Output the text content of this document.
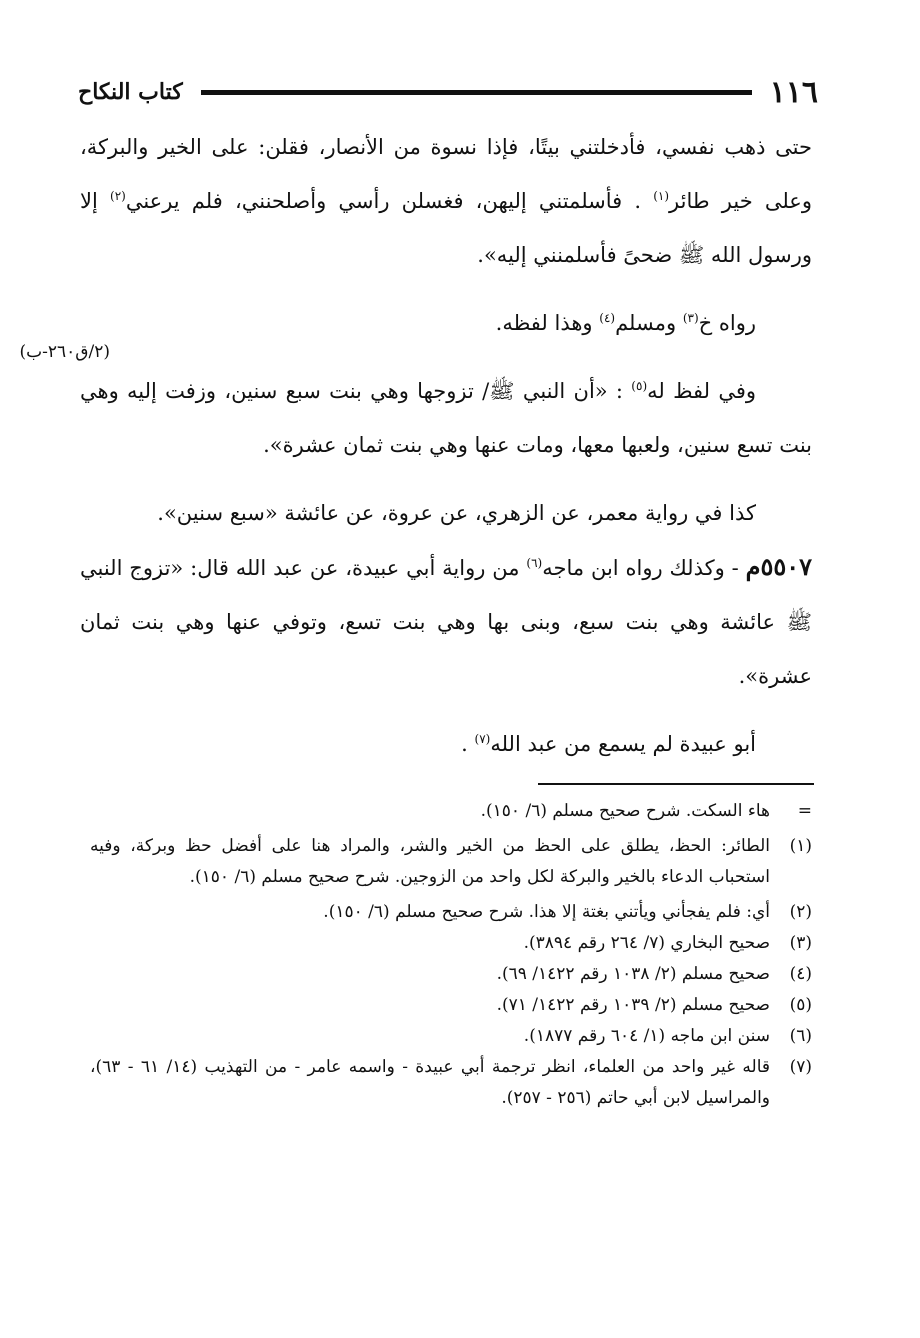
١١٦
كتاب النكاح
(٢/ق٢٦٠-ب)

حتى ذهب نفسي، فأدخلتني بيتًا، فإذا نسوة من الأنصار، فقلن: على الخير والبركة، وعلى خير طائر$^{(١)}$ . فأسلمتني إليهن، فغسلن رأسي وأصلحنني، فلم يرعني$^{(٢)}$ إلا ورسول الله ﷺ ضحىً فأسلمنني إليه».

رواه خ$^{(٣)}$ ومسلم$^{(٤)}$ وهذا لفظه.

وفي لفظ له$^{(٥)}$ : «أن النبي ﷺ/ تزوجها وهي بنت سبع سنين، وزفت إليه وهي بنت تسع سنين، ولعبها معها، ومات عنها وهي بنت ثمان عشرة».

كذا في رواية معمر، عن الزهري، عن عروة، عن عائشة «سبع سنين».

٥٥٠٧م - وكذلك رواه ابن ماجه$^{(٦)}$ من رواية أبي عبيدة، عن عبد الله قال: «تزوج النبي ﷺ عائشة وهي بنت سبع، وبنى بها وهي بنت تسع، وتوفي عنها وهي بنت ثمان عشرة».

أبو عبيدة لم يسمع من عبد الله$^{(٧)}$ .

=
هاء السكت. شرح صحيح مسلم (٦/ ١٥٠).
(١)
الطائر: الحظ، يطلق على الحظ من الخير والشر، والمراد هنا على أفضل حظ وبركة، وفيه استحباب الدعاء بالخير والبركة لكل واحد من الزوجين. شرح صحيح مسلم (٦/ ١٥٠).
(٢)
أي: فلم يفجأني ويأتني بغتة إلا هذا. شرح صحيح مسلم (٦/ ١٥٠).
(٣)
صحيح البخاري (٧/ ٢٦٤ رقم ٣٨٩٤).
(٤)
صحيح مسلم (٢/ ١٠٣٨ رقم ١٤٢٢/ ٦٩).
(٥)
صحيح مسلم (٢/ ١٠٣٩ رقم ١٤٢٢/ ٧١).
(٦)
سنن ابن ماجه (١/ ٦٠٤ رقم ١٨٧٧).
(٧)
قاله غير واحد من العلماء، انظر ترجمة أبي عبيدة - واسمه عامر - من التهذيب (١٤/ ٦١ - ٦٣)، والمراسيل لابن أبي حاتم (٢٥٦ - ٢٥٧).
